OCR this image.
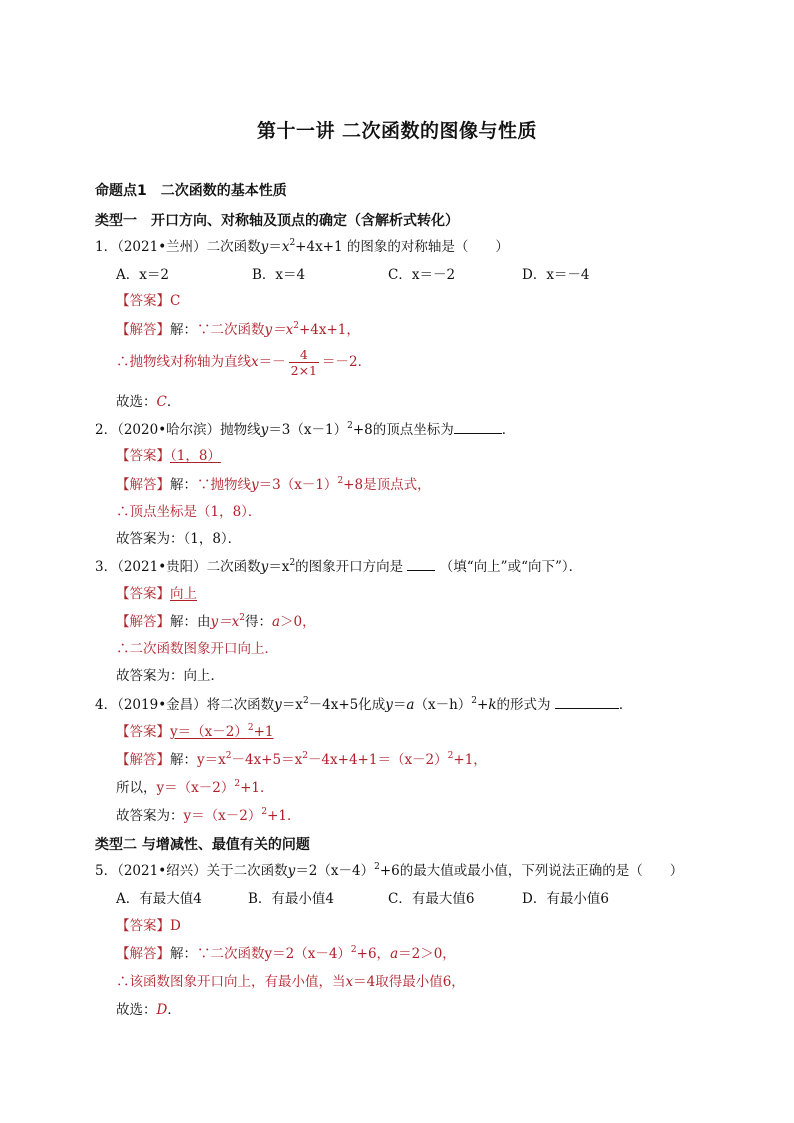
第十一讲 二次函数的图像与性质
命题点1　二次函数的基本性质
类型一　开口方向、对称轴及顶点的确定（含解析式转化）
1．（2021•兰州）二次函数$y=x^2+4x+1$ 的图象的对称轴是（　　）
A．x＝2	B．x＝4	C．x＝－2	D．x＝－4
【答案】C
【解答】解：∵二次函数$y=x^2+4x+1$，
∴抛物线对称轴为直线$x=- \frac{4}{2\times 1} =-2$．
故选：C．
2．（2020•哈尔滨）抛物线$y=3(x-1)^2+8$的顶点坐标为	．
【答案】（1，8）
【解答】解：∵抛物线$y=3(x-1)^2+8$是顶点式，
∴顶点坐标是（1，8）．
故答案为：（1，8）．
3．（2021•贵阳）二次函数$y=x^2$的图象开口方向是	（填“向上”或“向下”）．
【答案】向上
【解答】解：由$y=x^2$得：a＞0，
∴二次函数图象开口向上．
故答案为：向上．
4．（2019•金昌）将二次函数$y=x^2-4x+5$化成$y=a(x-h)^2+k$的形式为	．
【答案】$y=(x-2)^2+1$
【解答】解：$y=x^2-4x+5=x^2-4x+4+1=(x-2)^2+1$，
所以，$y=(x-2)^2+1$．
故答案为：$y=(x-2)^2+1$．
类型二 与增减性、最值有关的问题
5．（2021•绍兴）关于二次函数$y=2(x-4)^2+6$的最大值或最小值，下列说法正确的是（　　）
A．有最大值4	B．有最小值4	C．有最大值6	D．有最小值6
【答案】D
【解答】解：∵二次函数$y=2(x-4)^2+6$，a＝2＞0，
∴该函数图象开口向上，有最小值，当x＝4取得最小值6，
故选：D．
